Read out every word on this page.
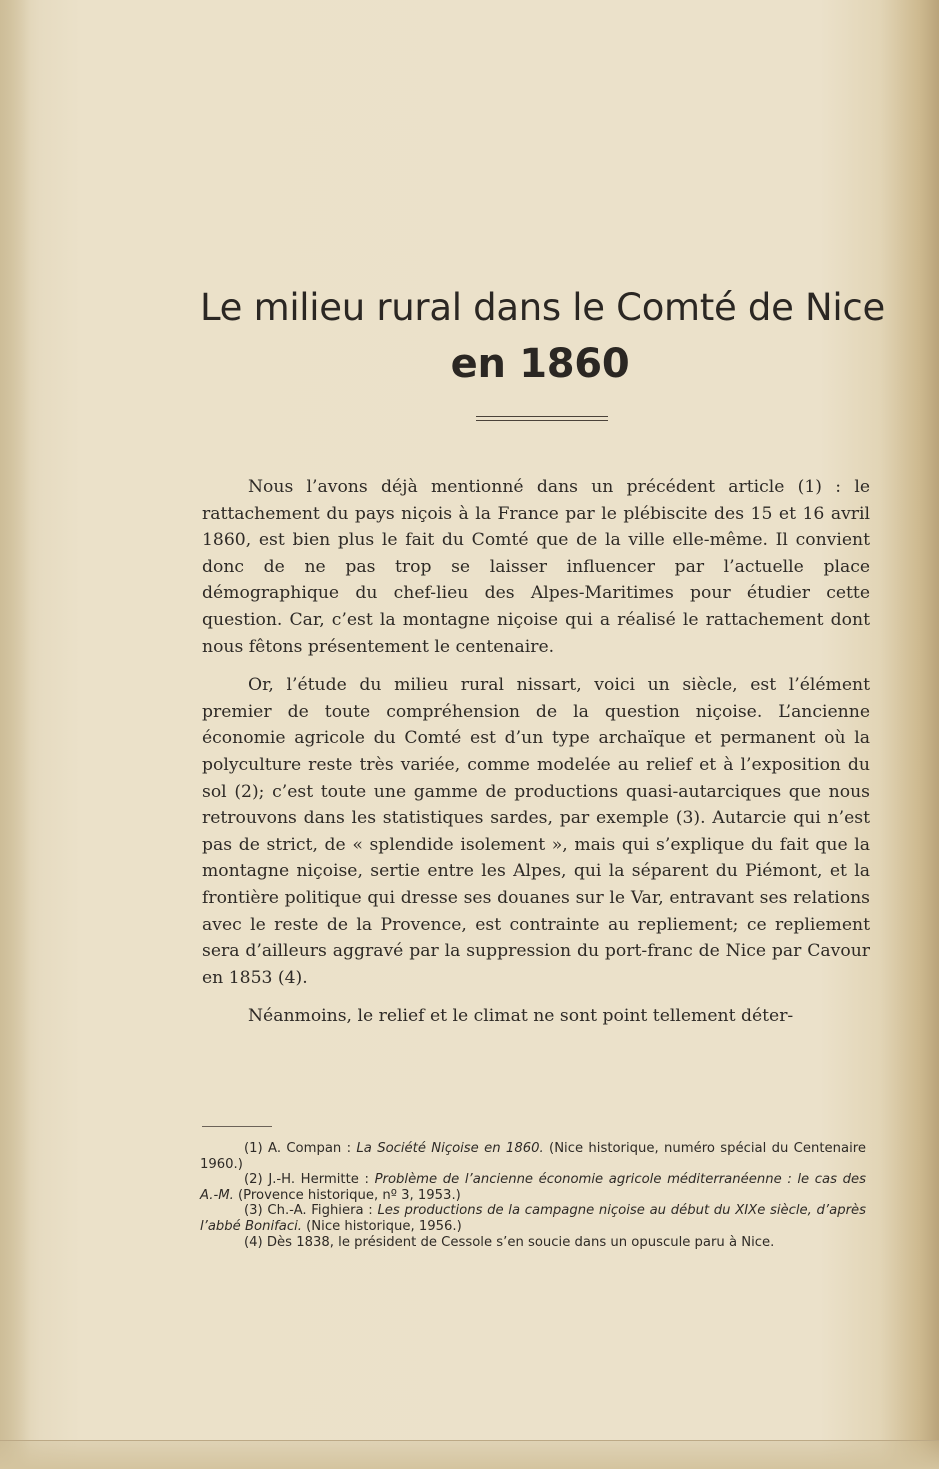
Le milieu rural dans le Comté de Nice
en 1860

Nous l’avons déjà mentionné dans un précédent article (1) : le rattachement du pays niçois à la France par le plébiscite des 15 et 16 avril 1860, est bien plus le fait du Comté que de la ville elle-même. Il convient donc de ne pas trop se laisser influencer par l’actuelle place démographique du chef-lieu des Alpes-Maritimes pour étudier cette question. Car, c’est la montagne niçoise qui a réalisé le rattachement dont nous fêtons présentement le centenaire.

Or, l’étude du milieu rural nissart, voici un siècle, est l’élément premier de toute compréhension de la question niçoise. L’ancienne économie agricole du Comté est d’un type archaïque et permanent où la polyculture reste très variée, comme modelée au relief et à l’exposition du sol (2); c’est toute une gamme de productions quasi-autarciques que nous retrouvons dans les statistiques sardes, par exemple (3). Autarcie qui n’est pas de strict, de « splendide isolement », mais qui s’explique du fait que la montagne niçoise, sertie entre les Alpes, qui la séparent du Piémont, et la frontière politique qui dresse ses douanes sur le Var, entravant ses relations avec le reste de la Provence, est contrainte au repliement; ce repliement sera d’ailleurs aggravé par la suppression du port-franc de Nice par Cavour en 1853 (4).

Néanmoins, le relief et le climat ne sont point tellement déter-

(1) A. Compan : La Société Niçoise en 1860. (Nice historique, numéro spécial du Centenaire 1960.)

(2) J.-H. Hermitte : Problème de l’ancienne économie agricole méditerranéenne : le cas des A.-M. (Provence historique, nº 3, 1953.)

(3) Ch.-A. Fighiera : Les productions de la campagne niçoise au début du XIXe siècle, d’après l’abbé Bonifaci. (Nice historique, 1956.)

(4) Dès 1838, le président de Cessole s’en soucie dans un opuscule paru à Nice.
